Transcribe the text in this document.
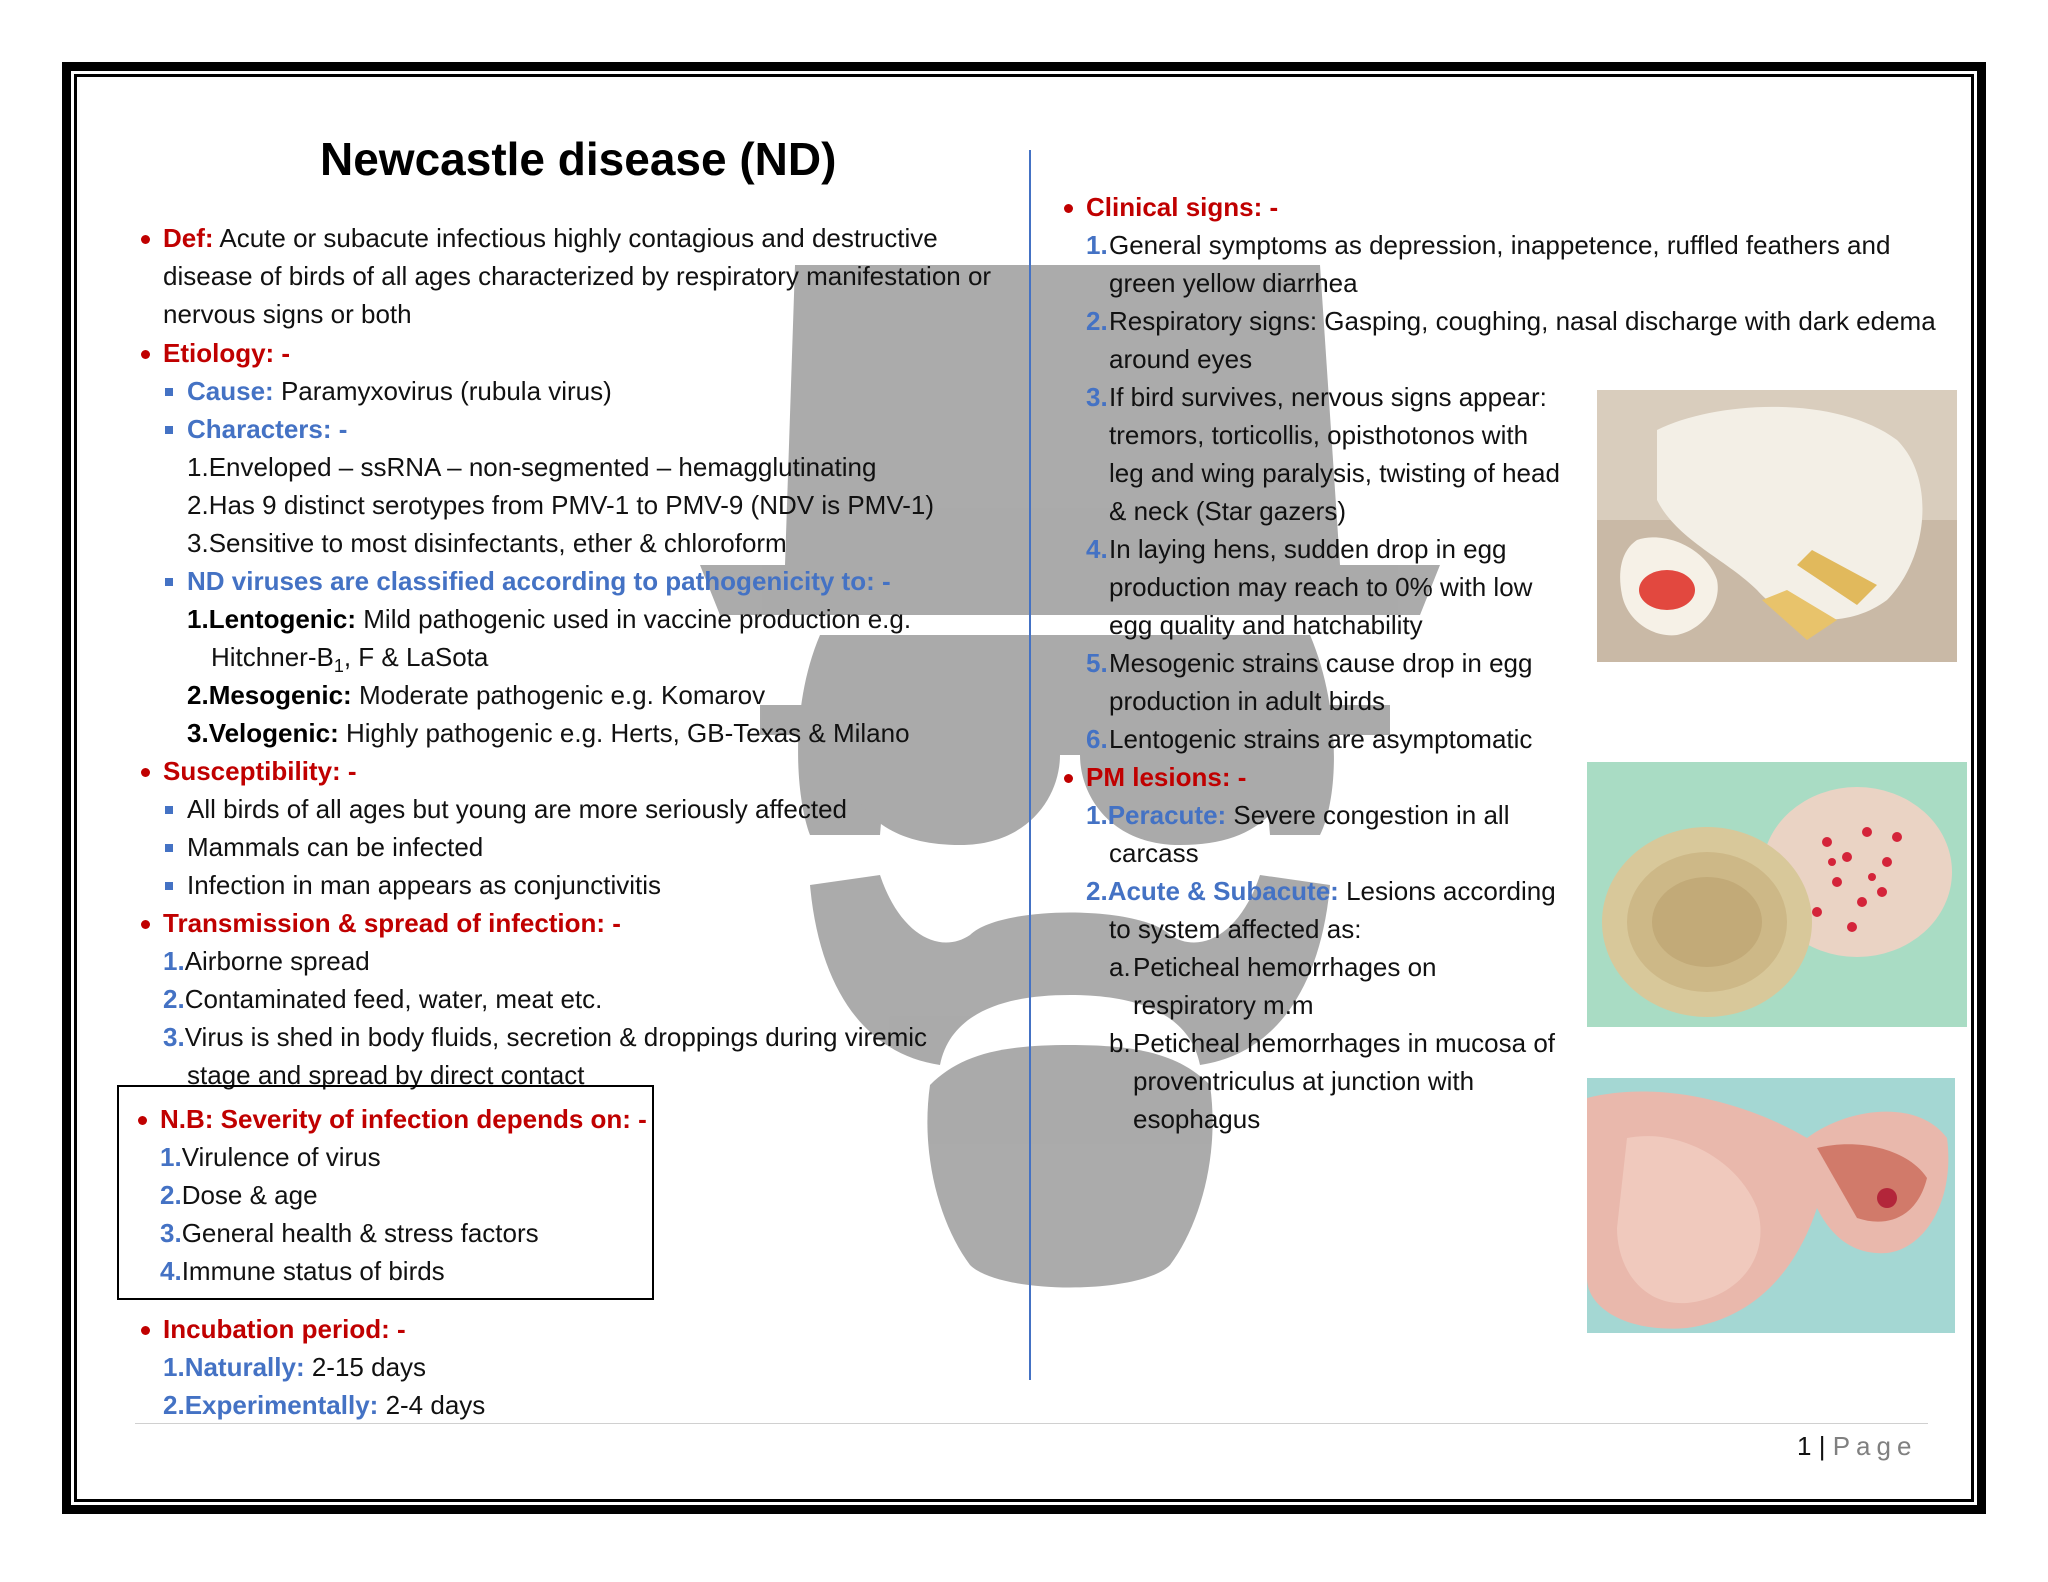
Newcastle disease (ND)
Def: Acute or subacute infectious highly contagious and destructive
disease of birds of all ages characterized by respiratory manifestation or
nervous signs or both
Etiology: -
Cause: Paramyxovirus (rubula virus)
Characters: -
1.Enveloped – ssRNA – non-segmented – hemagglutinating
2.Has 9 distinct serotypes from PMV-1 to PMV-9 (NDV is PMV-1)
3.Sensitive to most disinfectants, ether & chloroform
ND viruses are classified according to pathogenicity to: -
1.Lentogenic: Mild pathogenic used in vaccine production e.g.
Hitchner-$B_1$, F & LaSota
2.Mesogenic: Moderate pathogenic e.g. Komarov
3.Velogenic: Highly pathogenic e.g. Herts, GB-Texas & Milano
Susceptibility: -
All birds of all ages but young are more seriously affected
Mammals can be infected
Infection in man appears as conjunctivitis
Transmission & spread of infection: -
1.Airborne spread
2.Contaminated feed, water, meat etc.
3.Virus is shed in body fluids, secretion & droppings during viremic
stage and spread by direct contact
N.B: Severity of infection depends on: -
1.Virulence of virus
2.Dose & age
3.General health & stress factors
4.Immune status of birds
Incubation period: -
1.Naturally: 2-15 days
2.Experimentally: 2-4 days
Clinical signs: -
1.General symptoms as depression, inappetence, ruffled feathers and
green yellow diarrhea
2.Respiratory signs: Gasping, coughing, nasal discharge with dark edema
around eyes
3.If bird survives, nervous signs appear:
tremors, torticollis, opisthotonos with
leg and wing paralysis, twisting of head
& neck (Star gazers)
4.In laying hens, sudden drop in egg
production may reach to 0% with low
egg quality and hatchability
5.Mesogenic strains cause drop in egg
production in adult birds
6.Lentogenic strains are asymptomatic
PM lesions: -
1.Peracute: Severe congestion in all
carcass
2.Acute & Subacute: Lesions according
to system affected as:
a.Peticheal hemorrhages on
respiratory m.m
b.Peticheal hemorrhages in mucosa of
proventriculus at junction with
esophagus
1 | Page
